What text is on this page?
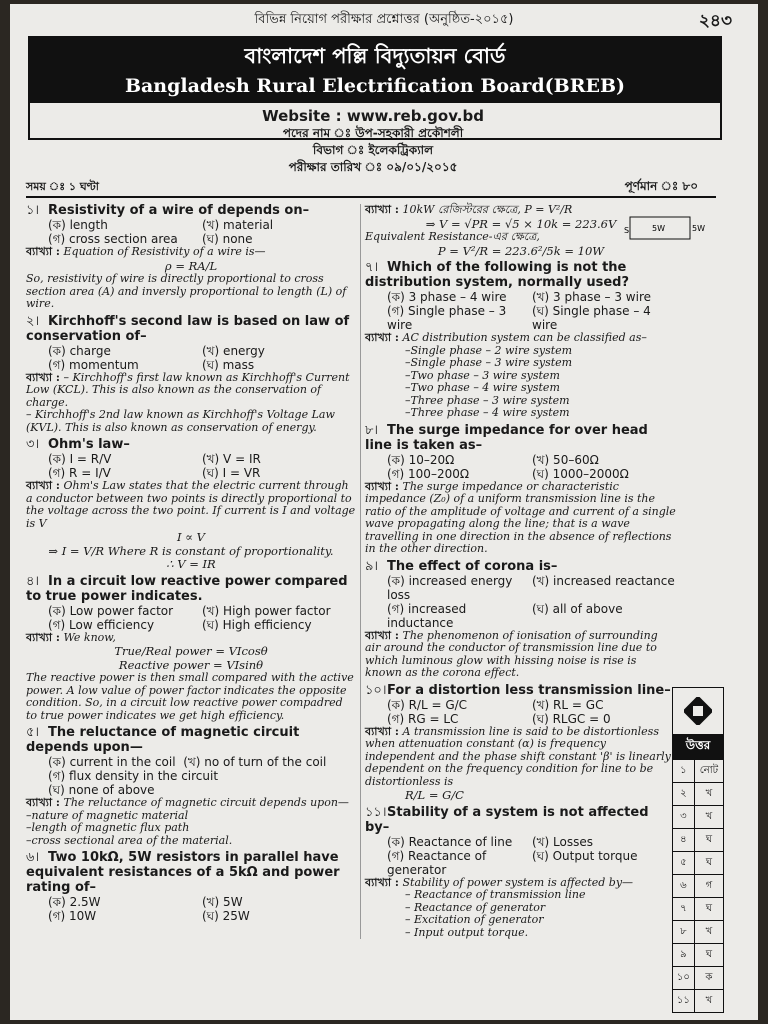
বিভিন্ন নিয়োগ পরীক্ষার প্রশ্নোত্তর (অনুষ্ঠিত-২০১৫)	২৪৩
বাংলাদেশ পল্লি বিদ্যুতায়ন বোর্ড
Bangladesh Rural Electrification Board(BREB)
Website : www.reb.gov.bd
পদের নাম ঃ উপ-সহকারী প্রকৌশলী
বিভাগ ঃ ইলেকট্রিক্যাল
পরীক্ষার তারিখ ঃ ০৯/০১/২০১৫
সময় ঃ ১ ঘণ্টা	পূর্ণমান ঃ ৮০
১। Resistivity of a wire of depends on–
(ক) length	(খ) material
(গ) cross section area	(ঘ) none

ব্যাখ্যা : Equation of Resistivity of a wire is—

ρ = RA/L

So, resistivity of wire is directly proportional to cross section area (A) and inversly proportional to length (L) of wire.

২। Kirchhoff's second law is based on law of conservation of–
(ক) charge	(খ) energy
(গ) momentum	(ঘ) mass

ব্যাখ্যা : – Kirchhoff's first law known as Kirchhoff's Current Low (KCL). This is also known as the conservation of charge.

– Kirchhoff's 2nd law known as Kirchhoff's Voltage Law (KVL). This is also known as conservation of energy.

৩। Ohm's law–
(ক) I = R/V	(খ) V = IR
(গ) R = I/V	(ঘ) I = VR

ব্যাখ্যা : Ohm's Law states that the electric current through a conductor between two points is directly proportional to the voltage across the two point. If current is I and voltage is V

I ∝ V
⇒ I = V/R Where R is constant of proportionality.
∴ V = IR
৪। In a circuit low reactive power compared to true power indicates.
(ক) Low power factor	(খ) High power factor
(গ) Low efficiency	(ঘ) High efficiency

ব্যাখ্যা : We know,

True/Real power = VIcosθ
Reactive power = VIsinθ

The reactive power is then small compared with the active power. A low value of power factor indicates the opposite condition. So, in a circuit low reactive power compadred to true power indicates we get high efficiency.

৫। The reluctance of magnetic circuit depends upon—
(ক) current in the coil (খ) no of turn of the coil
(গ) flux density in the circuit
(ঘ) none of above

ব্যাখ্যা : The reluctance of magnetic circuit depends upon—

–nature of magnetic material

–length of magnetic flux path

–cross sectional area of the material.

৬। Two 10kΩ, 5W resistors in parallel have equivalent resistances of a 5kΩ and power rating of–
(ক) 2.5W	(খ) 5W
(গ) 10W	(ঘ) 25W

ব্যাখ্যা : 10kW রেজিস্টরের ক্ষেত্রে, P = V²/R

⇒ V = √PR = √5 × 10k = 223.6V

Equivalent Resistance-এর ক্ষেত্রে,

P = V²/R = 223.6²/5k = 10W
৭। Which of the following is not the distribution system, normally used?
(ক) 3 phase – 4 wire	(খ) 3 phase – 3 wire
(গ) Single phase – 3 wire
(ঘ) Single phase – 4 wire

ব্যাখ্যা : AC distribution system can be classified as–

–Single phase – 2 wire system

–Single phase – 3 wire system

–Two phase – 3 wire system

–Two phase – 4 wire system

–Three phase – 3 wire system

–Three phase – 4 wire system

৮। The surge impedance for over head line is taken as–
(ক) 10–20Ω	(খ) 50–60Ω
(গ) 100–200Ω	(ঘ) 1000–2000Ω

ব্যাখ্যা : The surge impedance or characteristic impedance (Z₀) of a uniform transmission line is the ratio of the amplitude of voltage and current of a single wave propagating along the line; that is a wave travelling in one direction in the absence of reflections in the other direction.

৯। The effect of corona is–
(ক) increased energy loss
(খ) increased reactance
(গ) increased inductance
(ঘ) all of above

ব্যাখ্যা : The phenomenon of ionisation of surrounding air around the conductor of transmission line due to which luminous glow with hissing noise is rise is known as the corona effect.

১০।For a distortion less transmission line–
(ক) R/L = G/C	(খ) RL = GC
(গ) RG = LC	(ঘ) RLGC = 0

ব্যাখ্যা : A transmission line is said to be distortionless when attenuation constant (α) is frequency independent and the phase shift constant 'β' is linearly dependent on the frequency condition for line to be distortionless is

R/L = G/C
১১।Stability of a system is not affected by–
(ক) Reactance of line	(খ) Losses
(গ) Reactance of generator
(ঘ) Output torque

ব্যাখ্যা : Stability of power system is affected by—

– Reactance of transmission line

– Reactance of generator

– Excitation of generator

– Input output torque.

S	5W	5W
উত্তর
১	নোট
২	খ
৩	খ
৪	ঘ
৫	ঘ
৬	গ
৭	ঘ
৮	খ
৯	ঘ
১০	ক
১১	খ
